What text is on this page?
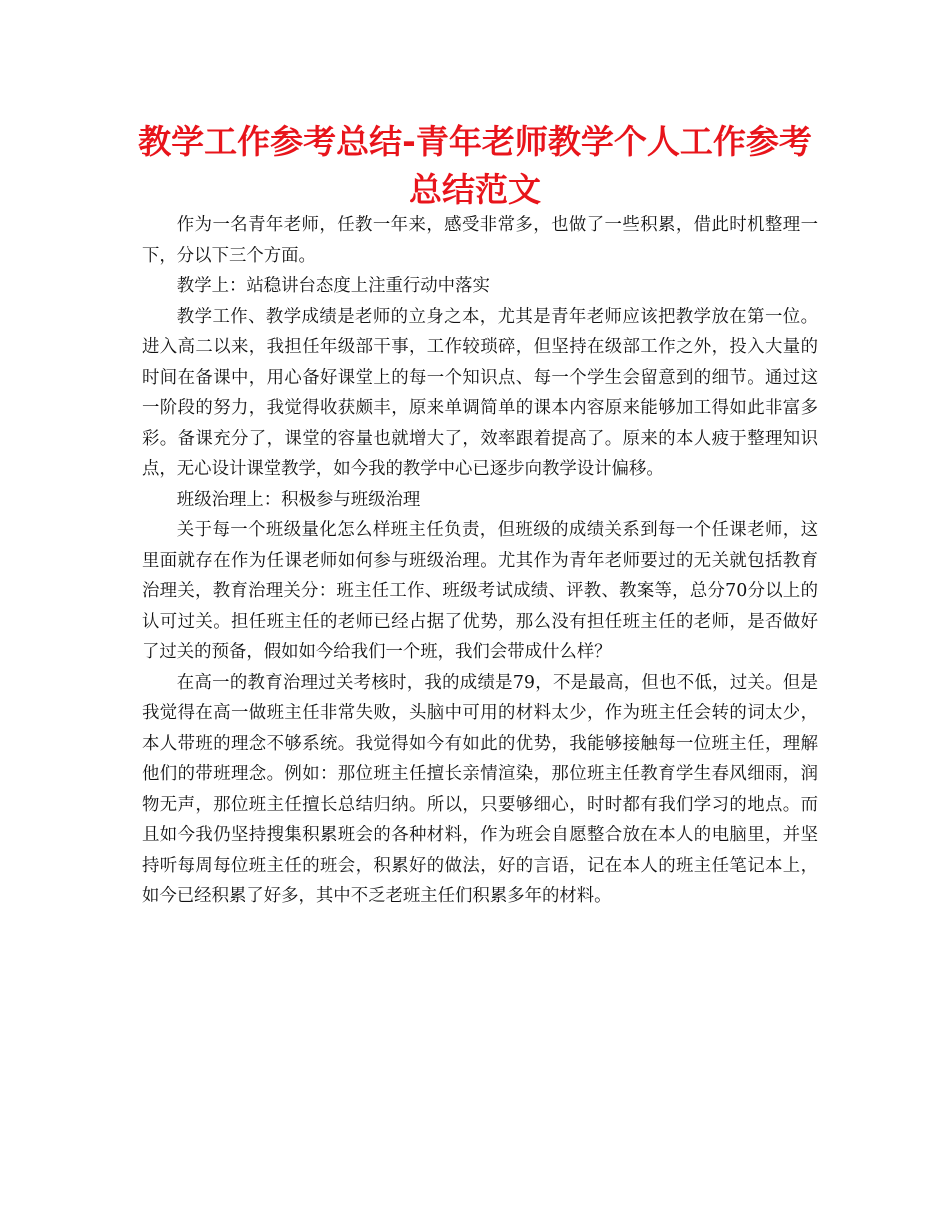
教学工作参考总结-青年老师教学个人工作参考总结范文

作为一名青年老师，任教一年来，感受非常多，也做了一些积累，借此时机整理一下，分以下三个方面。

教学上：站稳讲台态度上注重行动中落实

教学工作、教学成绩是老师的立身之本，尤其是青年老师应该把教学放在第一位。进入高二以来，我担任年级部干事，工作较琐碎，但坚持在级部工作之外，投入大量的时间在备课中，用心备好课堂上的每一个知识点、每一个学生会留意到的细节。通过这一阶段的努力，我觉得收获颇丰，原来单调简单的课本内容原来能够加工得如此非富多彩。备课充分了，课堂的容量也就增大了，效率跟着提高了。原来的本人疲于整理知识点，无心设计课堂教学，如今我的教学中心已逐步向教学设计偏移。

班级治理上：积极参与班级治理

关于每一个班级量化怎么样班主任负责，但班级的成绩关系到每一个任课老师，这里面就存在作为任课老师如何参与班级治理。尤其作为青年老师要过的无关就包括教育治理关，教育治理关分：班主任工作、班级考试成绩、评教、教案等，总分70分以上的认可过关。担任班主任的老师已经占据了优势，那么没有担任班主任的老师，是否做好了过关的预备，假如如今给我们一个班，我们会带成什么样？

在高一的教育治理过关考核时，我的成绩是79，不是最高，但也不低，过关。但是我觉得在高一做班主任非常失败，头脑中可用的材料太少，作为班主任会转的词太少，本人带班的理念不够系统。我觉得如今有如此的优势，我能够接触每一位班主任，理解他们的带班理念。例如：那位班主任擅长亲情渲染，那位班主任教育学生春风细雨，润物无声，那位班主任擅长总结归纳。所以，只要够细心，时时都有我们学习的地点。而且如今我仍坚持搜集积累班会的各种材料，作为班会自愿整合放在本人的电脑里，并坚持听每周每位班主任的班会，积累好的做法，好的言语，记在本人的班主任笔记本上，如今已经积累了好多，其中不乏老班主任们积累多年的材料。
